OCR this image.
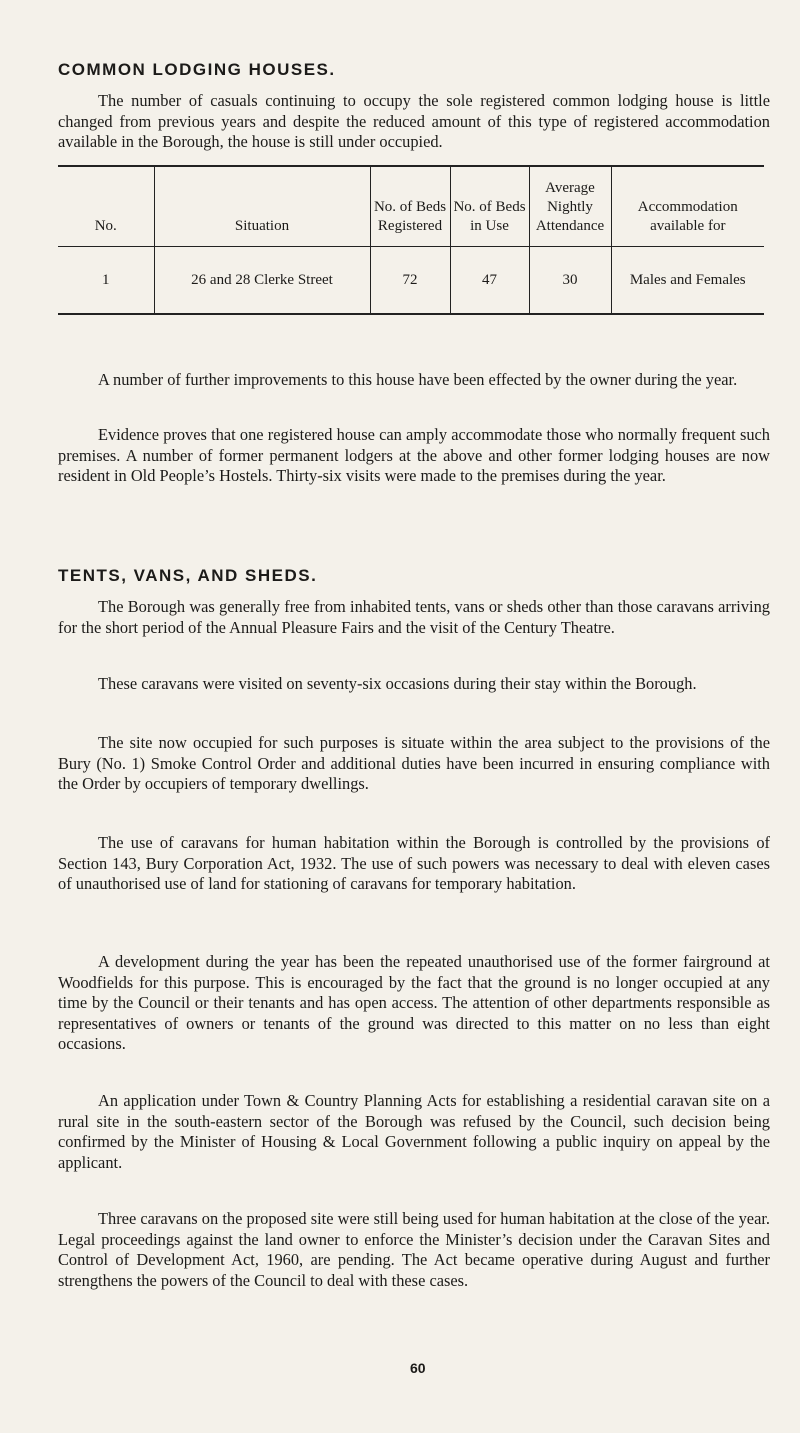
COMMON LODGING HOUSES.

The number of casuals continuing to occupy the sole registered common lodging house is little changed from previous years and despite the reduced amount of this type of registered accommodation available in the Borough, the house is still under occupied.

No.	Situation	No. of Beds Registered	No. of Beds in Use	Average Nightly Attendance	Accommodation available for
1	26 and 28 Clerke Street	72	47	30	Males and Females

A number of further improvements to this house have been effected by the owner during the year.

Evidence proves that one registered house can amply accommodate those who normally frequent such premises. A number of former permanent lodgers at the above and other former lodging houses are now resident in Old People’s Hostels. Thirty-six visits were made to the premises during the year.

TENTS, VANS, AND SHEDS.

The Borough was generally free from inhabited tents, vans or sheds other than those caravans arriving for the short period of the Annual Pleasure Fairs and the visit of the Century Theatre.

These caravans were visited on seventy-six occasions during their stay within the Borough.

The site now occupied for such purposes is situate within the area subject to the provisions of the Bury (No. 1) Smoke Control Order and additional duties have been incurred in ensuring compliance with the Order by occupiers of temporary dwellings.

The use of caravans for human habitation within the Borough is controlled by the provisions of Section 143, Bury Corporation Act, 1932. The use of such powers was necessary to deal with eleven cases of unauthorised use of land for stationing of caravans for temporary habitation.

A development during the year has been the repeated unauthorised use of the former fairground at Woodfields for this purpose. This is encouraged by the fact that the ground is no longer occupied at any time by the Council or their tenants and has open access. The attention of other departments responsible as representatives of owners or tenants of the ground was directed to this matter on no less than eight occasions.

An application under Town & Country Planning Acts for establishing a residential caravan site on a rural site in the south-eastern sector of the Borough was refused by the Council, such decision being confirmed by the Minister of Housing & Local Government following a public inquiry on appeal by the applicant.

Three caravans on the proposed site were still being used for human habitation at the close of the year. Legal proceedings against the land owner to enforce the Minister’s decision under the Caravan Sites and Control of Development Act, 1960, are pending. The Act became operative during August and further strengthens the powers of the Council to deal with these cases.

60
